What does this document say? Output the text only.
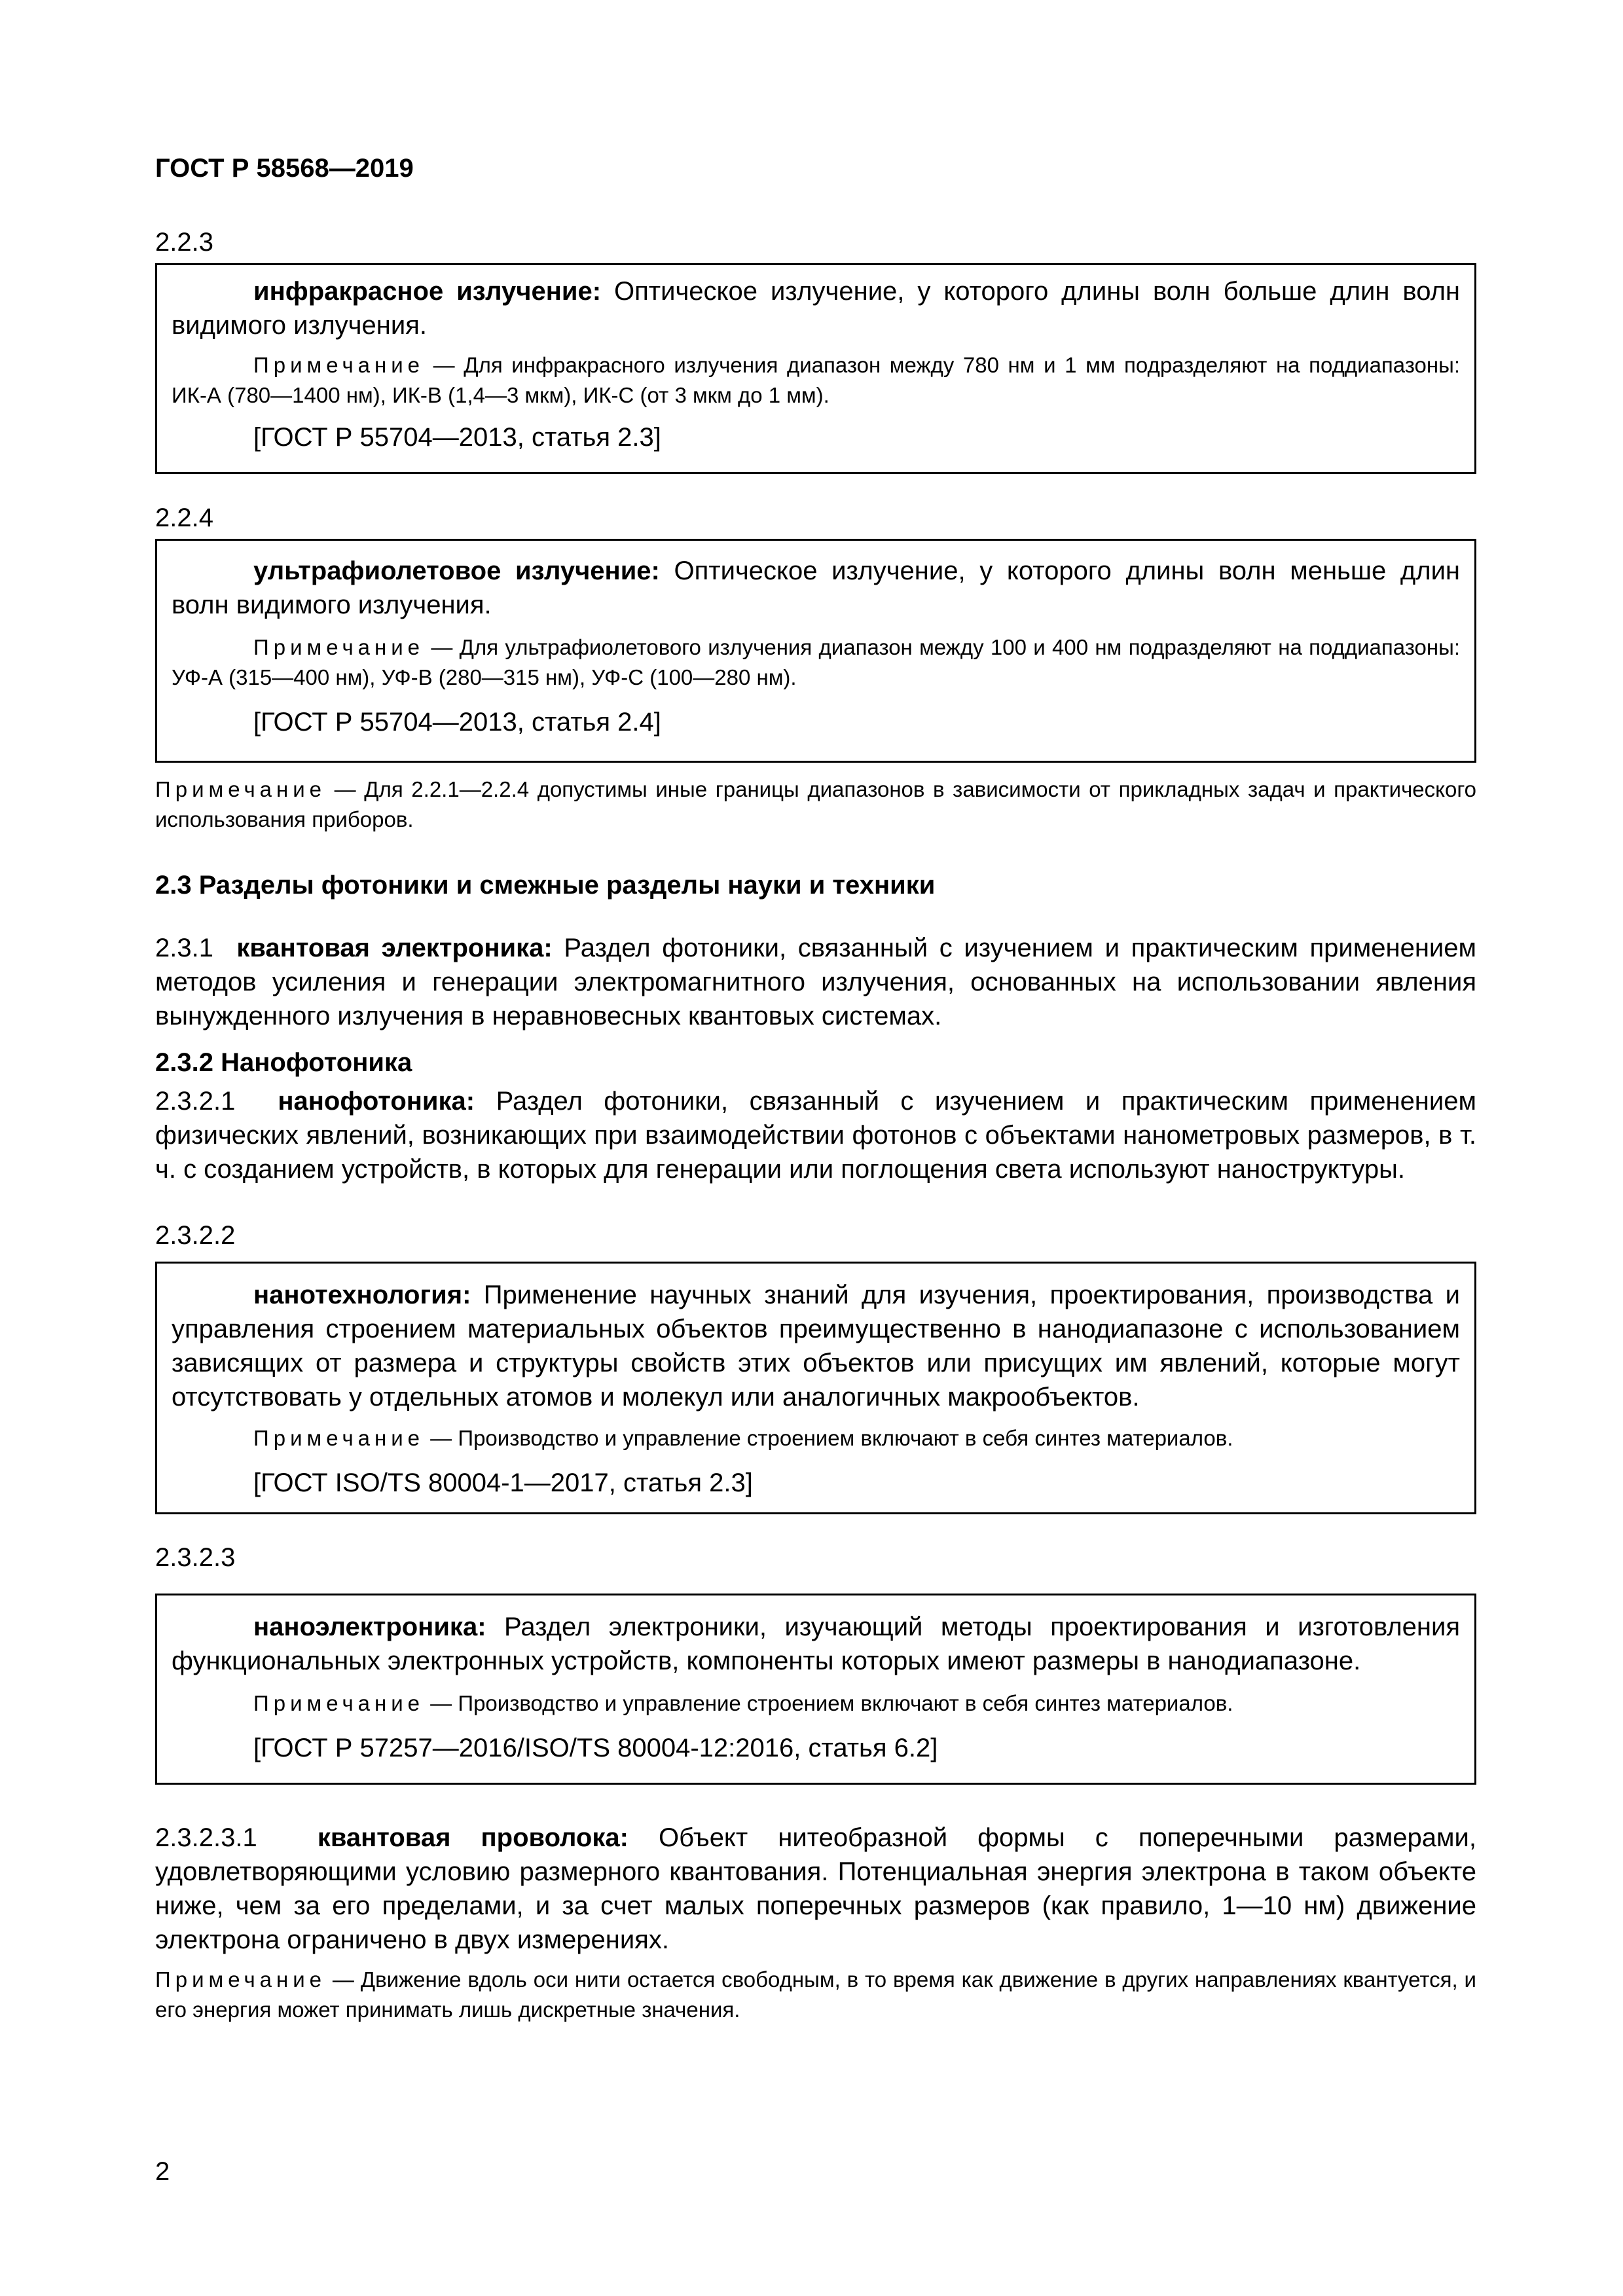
ГОСТ Р 58568—2019
2.2.3

инфракрасное излучение: Оптическое излучение, у которого длины волн больше длин волн видимого излучения.

Примечание — Для инфракрасного излучения диапазон между 780 нм и 1 мм подразделяют на поддиапазоны: ИК-А (780—1400 нм), ИК-В (1,4—3 мкм), ИК-С (от 3 мкм до 1 мм).

[ГОСТ Р 55704—2013, статья 2.3]

2.2.4

ультрафиолетовое излучение: Оптическое излучение, у которого длины волн меньше длин волн видимого излучения.

Примечание — Для ультрафиолетового излучения диапазон между 100 и 400 нм подразделяют на поддиапазоны: УФ-А (315—400 нм), УФ-В (280—315 нм), УФ-С (100—280 нм).

[ГОСТ Р 55704—2013, статья 2.4]

Примечание — Для 2.2.1—2.2.4 допустимы иные границы диапазонов в зависимости от прикладных задач и практического использования приборов.

2.3 Разделы фотоники и смежные разделы науки и техники

2.3.1 квантовая электроника: Раздел фотоники, связанный с изучением и практическим применением методов усиления и генерации электромагнитного излучения, основанных на использовании явления вынужденного излучения в неравновесных квантовых системах.

2.3.2 Нанофотоника

2.3.2.1 нанофотоника: Раздел фотоники, связанный с изучением и практическим применением физических явлений, возникающих при взаимодействии фотонов с объектами нанометровых размеров, в т. ч. с созданием устройств, в которых для генерации или поглощения света используют наноструктуры.

2.3.2.2

нанотехнология: Применение научных знаний для изучения, проектирования, производства и управления строением материальных объектов преимущественно в нанодиапазоне с использованием зависящих от размера и структуры свойств этих объектов или присущих им явлений, которые могут отсутствовать у отдельных атомов и молекул или аналогичных макрообъектов.

Примечание — Производство и управление строением включают в себя синтез материалов.

[ГОСТ ISO/TS 80004-1—2017, статья 2.3]

2.3.2.3

наноэлектроника: Раздел электроники, изучающий методы проектирования и изготовления функциональных электронных устройств, компоненты которых имеют размеры в нанодиапазоне.

Примечание — Производство и управление строением включают в себя синтез материалов.

[ГОСТ Р 57257—2016/ISO/TS 80004-12:2016, статья 6.2]

2.3.2.3.1 квантовая проволока: Объект нитеобразной формы с поперечными размерами, удовлетворяющими условию размерного квантования. Потенциальная энергия электрона в таком объекте ниже, чем за его пределами, и за счет малых поперечных размеров (как правило, 1—10 нм) движение электрона ограничено в двух измерениях.

Примечание — Движение вдоль оси нити остается свободным, в то время как движение в других направлениях квантуется, и его энергия может принимать лишь дискретные значения.

2
